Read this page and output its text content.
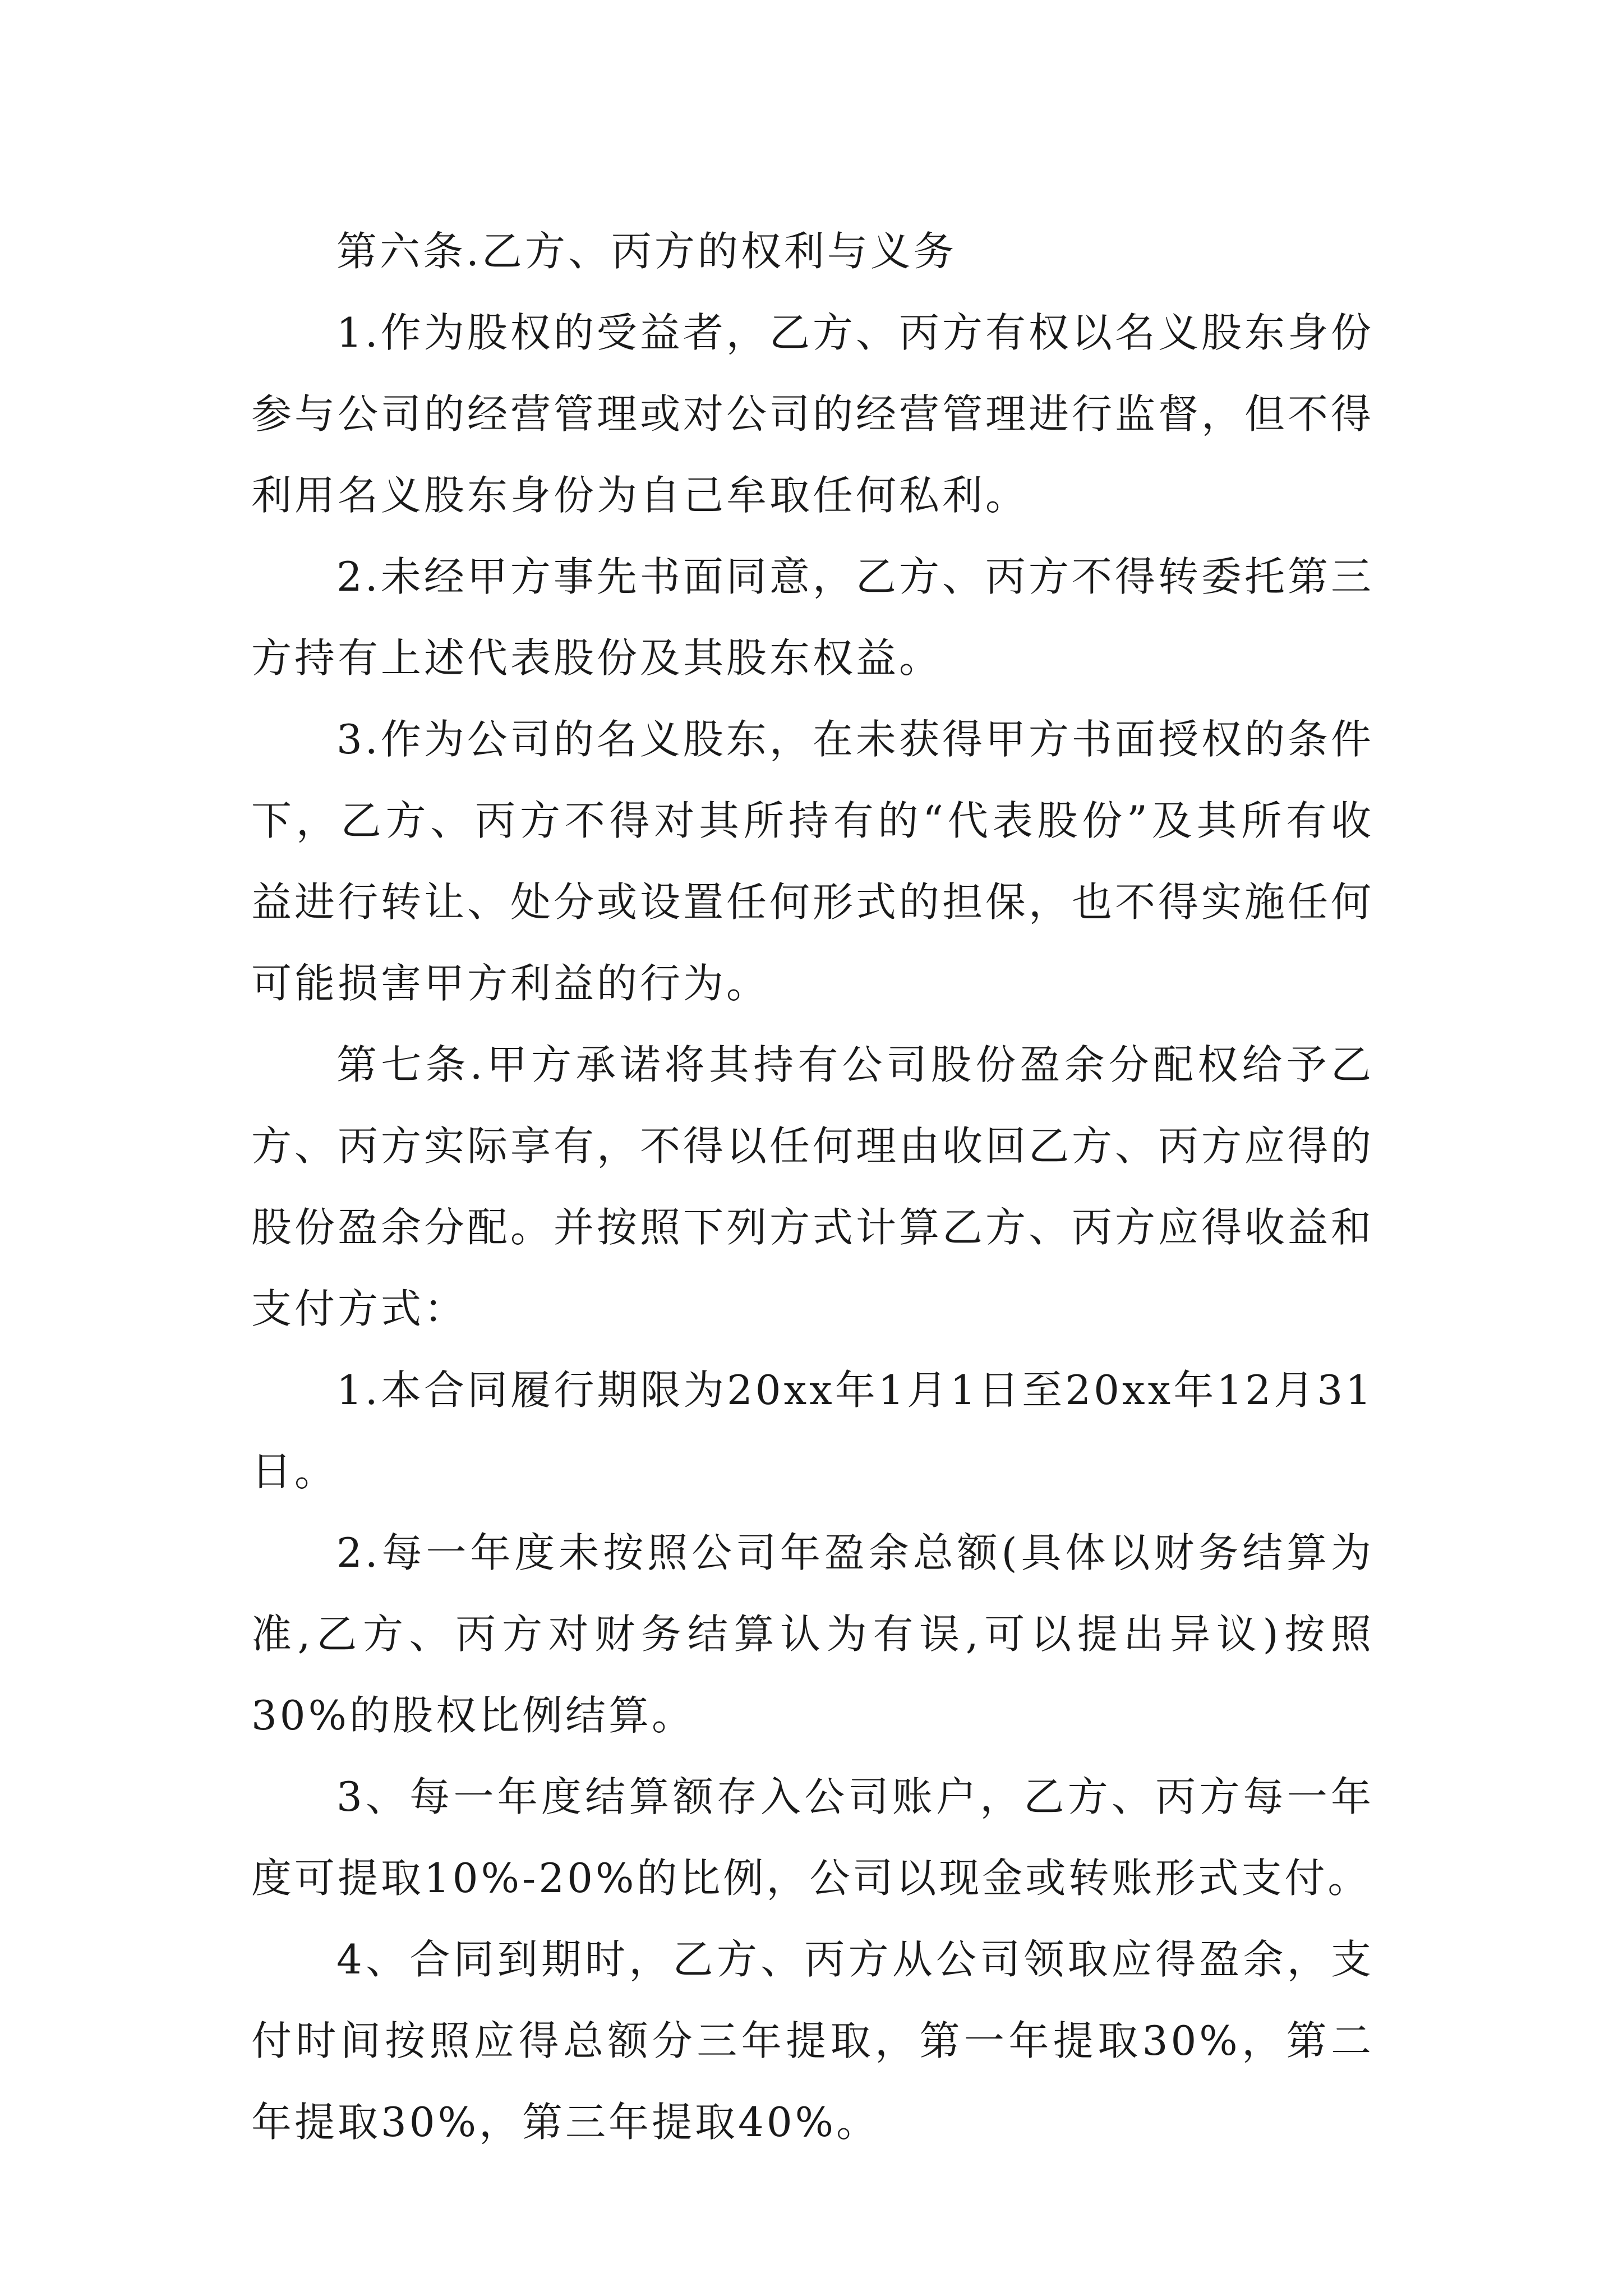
第六条.乙方、丙方的权利与义务

1.作为股权的受益者，乙方、丙方有权以名义股东身份参与公司的经营管理或对公司的经营管理进行监督，但不得利用名义股东身份为自己牟取任何私利。

2.未经甲方事先书面同意，乙方、丙方不得转委托第三方持有上述代表股份及其股东权益。

3.作为公司的名义股东，在未获得甲方书面授权的条件下，乙方、丙方不得对其所持有的“代表股份”及其所有收益进行转让、处分或设置任何形式的担保，也不得实施任何可能损害甲方利益的行为。

第七条.甲方承诺将其持有公司股份盈余分配权给予乙方、丙方实际享有，不得以任何理由收回乙方、丙方应得的股份盈余分配。并按照下列方式计算乙方、丙方应得收益和支付方式：

1.本合同履行期限为20xx年1月1日至20xx年12月31日。

2.每一年度未按照公司年盈余总额(具体以财务结算为准,乙方、丙方对财务结算认为有误,可以提出异议)按照30%的股权比例结算。

3、每一年度结算额存入公司账户，乙方、丙方每一年度可提取10%-20%的比例，公司以现金或转账形式支付。

4、合同到期时，乙方、丙方从公司领取应得盈余，支付时间按照应得总额分三年提取，第一年提取30%，第二年提取30%，第三年提取40%。
